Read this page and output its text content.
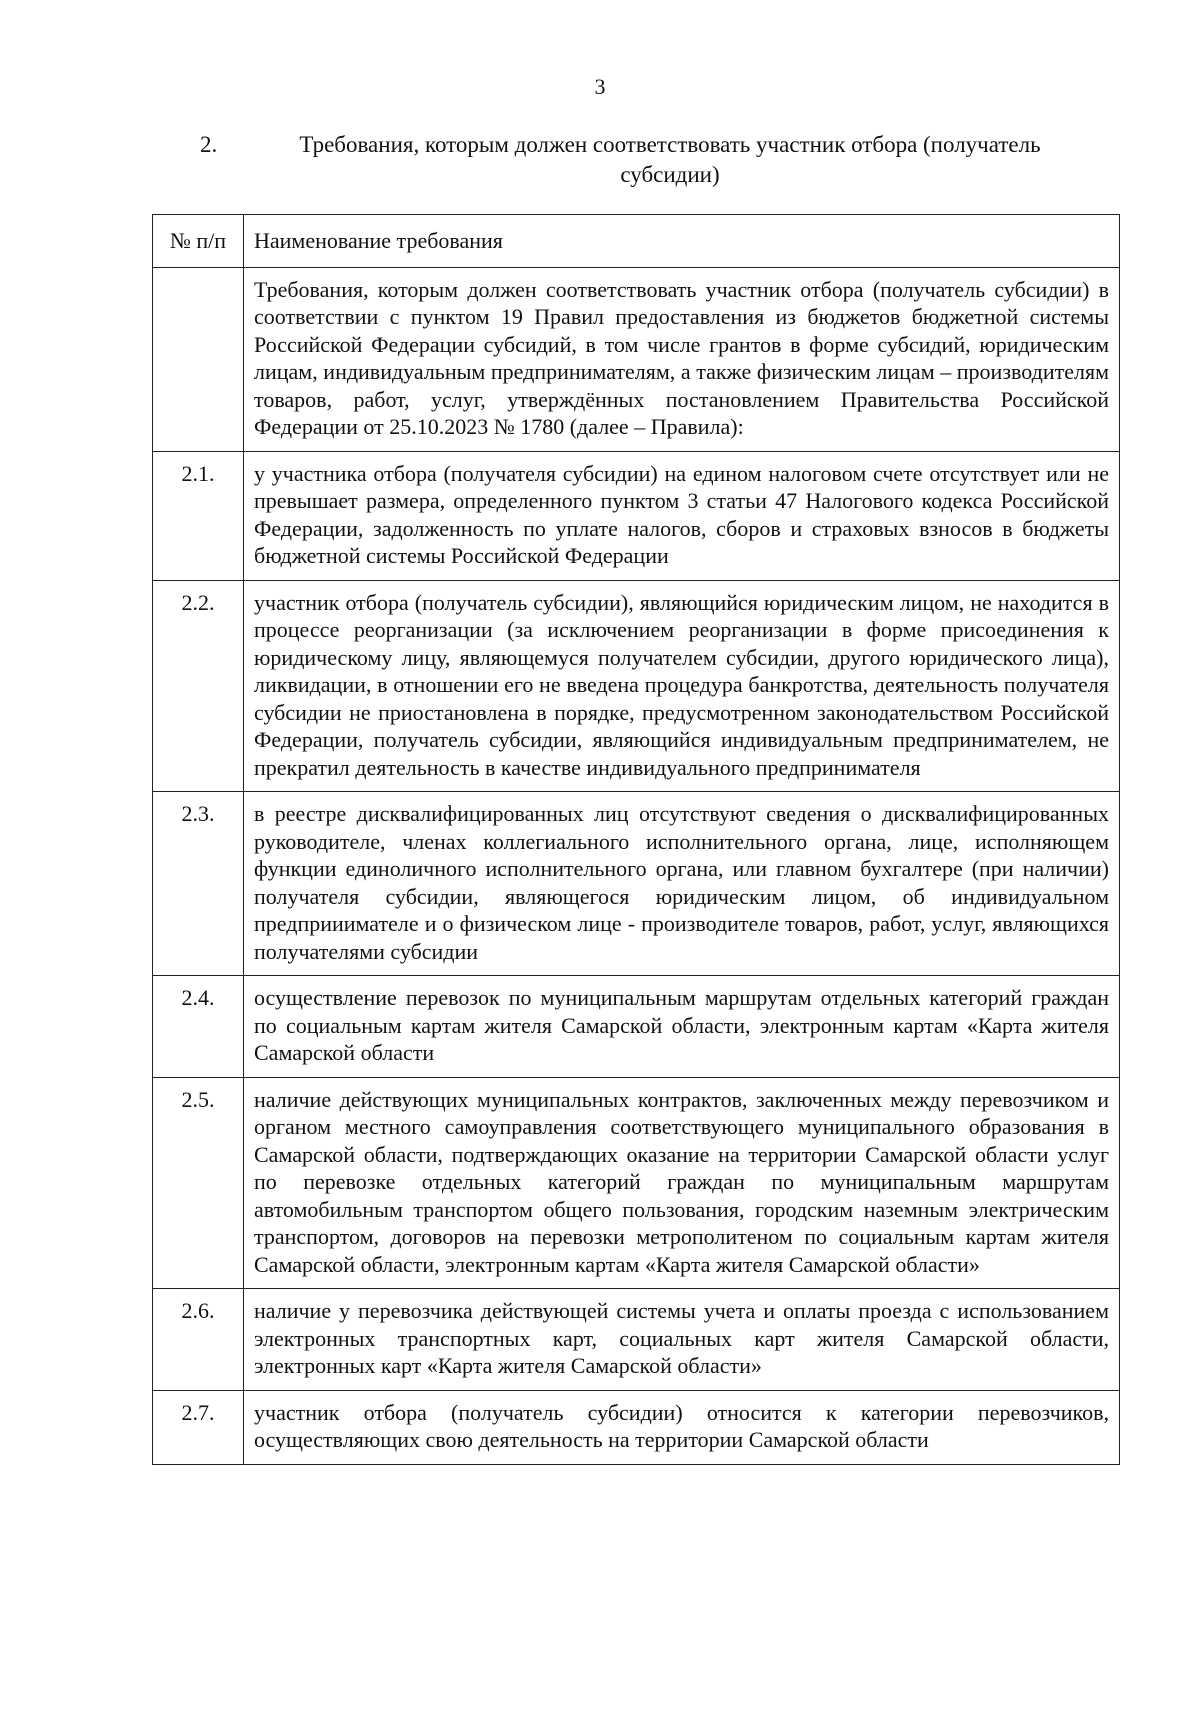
3
2.	Требования, которым должен соответствовать участник отбора (получатель субсидии)
№ п/п	Наименование требования
	Требования, которым должен соответствовать участник отбора (получатель субсидии) в соответствии с пунктом 19 Правил предоставления из бюджетов бюджетной системы Российской Федерации субсидий, в том числе грантов в форме субсидий, юридическим лицам, индивидуальным предпринимателям, а также физическим лицам – производителям товаров, работ, услуг, утверждённых постановлением Правительства Российской Федерации от 25.10.2023 № 1780 (далее – Правила):
2.1.	у участника отбора (получателя субсидии) на едином налоговом счете отсутствует или не превышает размера, определенного пунктом 3 статьи 47 Налогового кодекса Российской Федерации, задолженность по уплате налогов, сборов и страховых взносов в бюджеты бюджетной системы Российской Федерации
2.2.	участник отбора (получатель субсидии), являющийся юридическим лицом, не находится в процессе реорганизации (за исключением реорганизации в форме присоединения к юридическому лицу, являющемуся получателем субсидии, другого юридического лица), ликвидации, в отношении его не введена процедура банкротства, деятельность получателя субсидии не приостановлена в порядке, предусмотренном законодательством Российской Федерации, получатель субсидии, являющийся индивидуальным предпринимателем, не прекратил деятельность в качестве индивидуального предпринимателя
2.3.	в реестре дисквалифицированных лиц отсутствуют сведения о дисквалифицированных руководителе, членах коллегиального исполнительного органа, лице, исполняющем функции единоличного исполнительного органа, или главном бухгалтере (при наличии) получателя субсидии, являющегося юридическим лицом, об индивидуальном предприиимателе и о физическом лице - производителе товаров, работ, услуг, являющихся получателями субсидии
2.4.	осуществление перевозок по муниципальным маршрутам отдельных категорий граждан по социальным картам жителя Самарской области, электронным картам «Карта жителя Самарской области
2.5.	наличие действующих муниципальных контрактов, заключенных между перевозчиком и органом местного самоуправления соответствующего муниципального образования в Самарской области, подтверждающих оказание на территории Самарской области услуг по перевозке отдельных категорий граждан по муниципальным маршрутам автомобильным транспортом общего пользования, городским наземным электрическим транспортом, договоров на перевозки метрополитеном по социальным картам жителя Самарской области, электронным картам «Карта жителя Самарской области»
2.6.	наличие у перевозчика действующей системы учета и оплаты проезда с использованием электронных транспортных карт, социальных карт жителя Самарской области, электронных карт «Карта жителя Самарской области»
2.7.	участник отбора (получатель субсидии) относится к категории перевозчиков, осуществляющих свою деятельность на территории Самарской области
